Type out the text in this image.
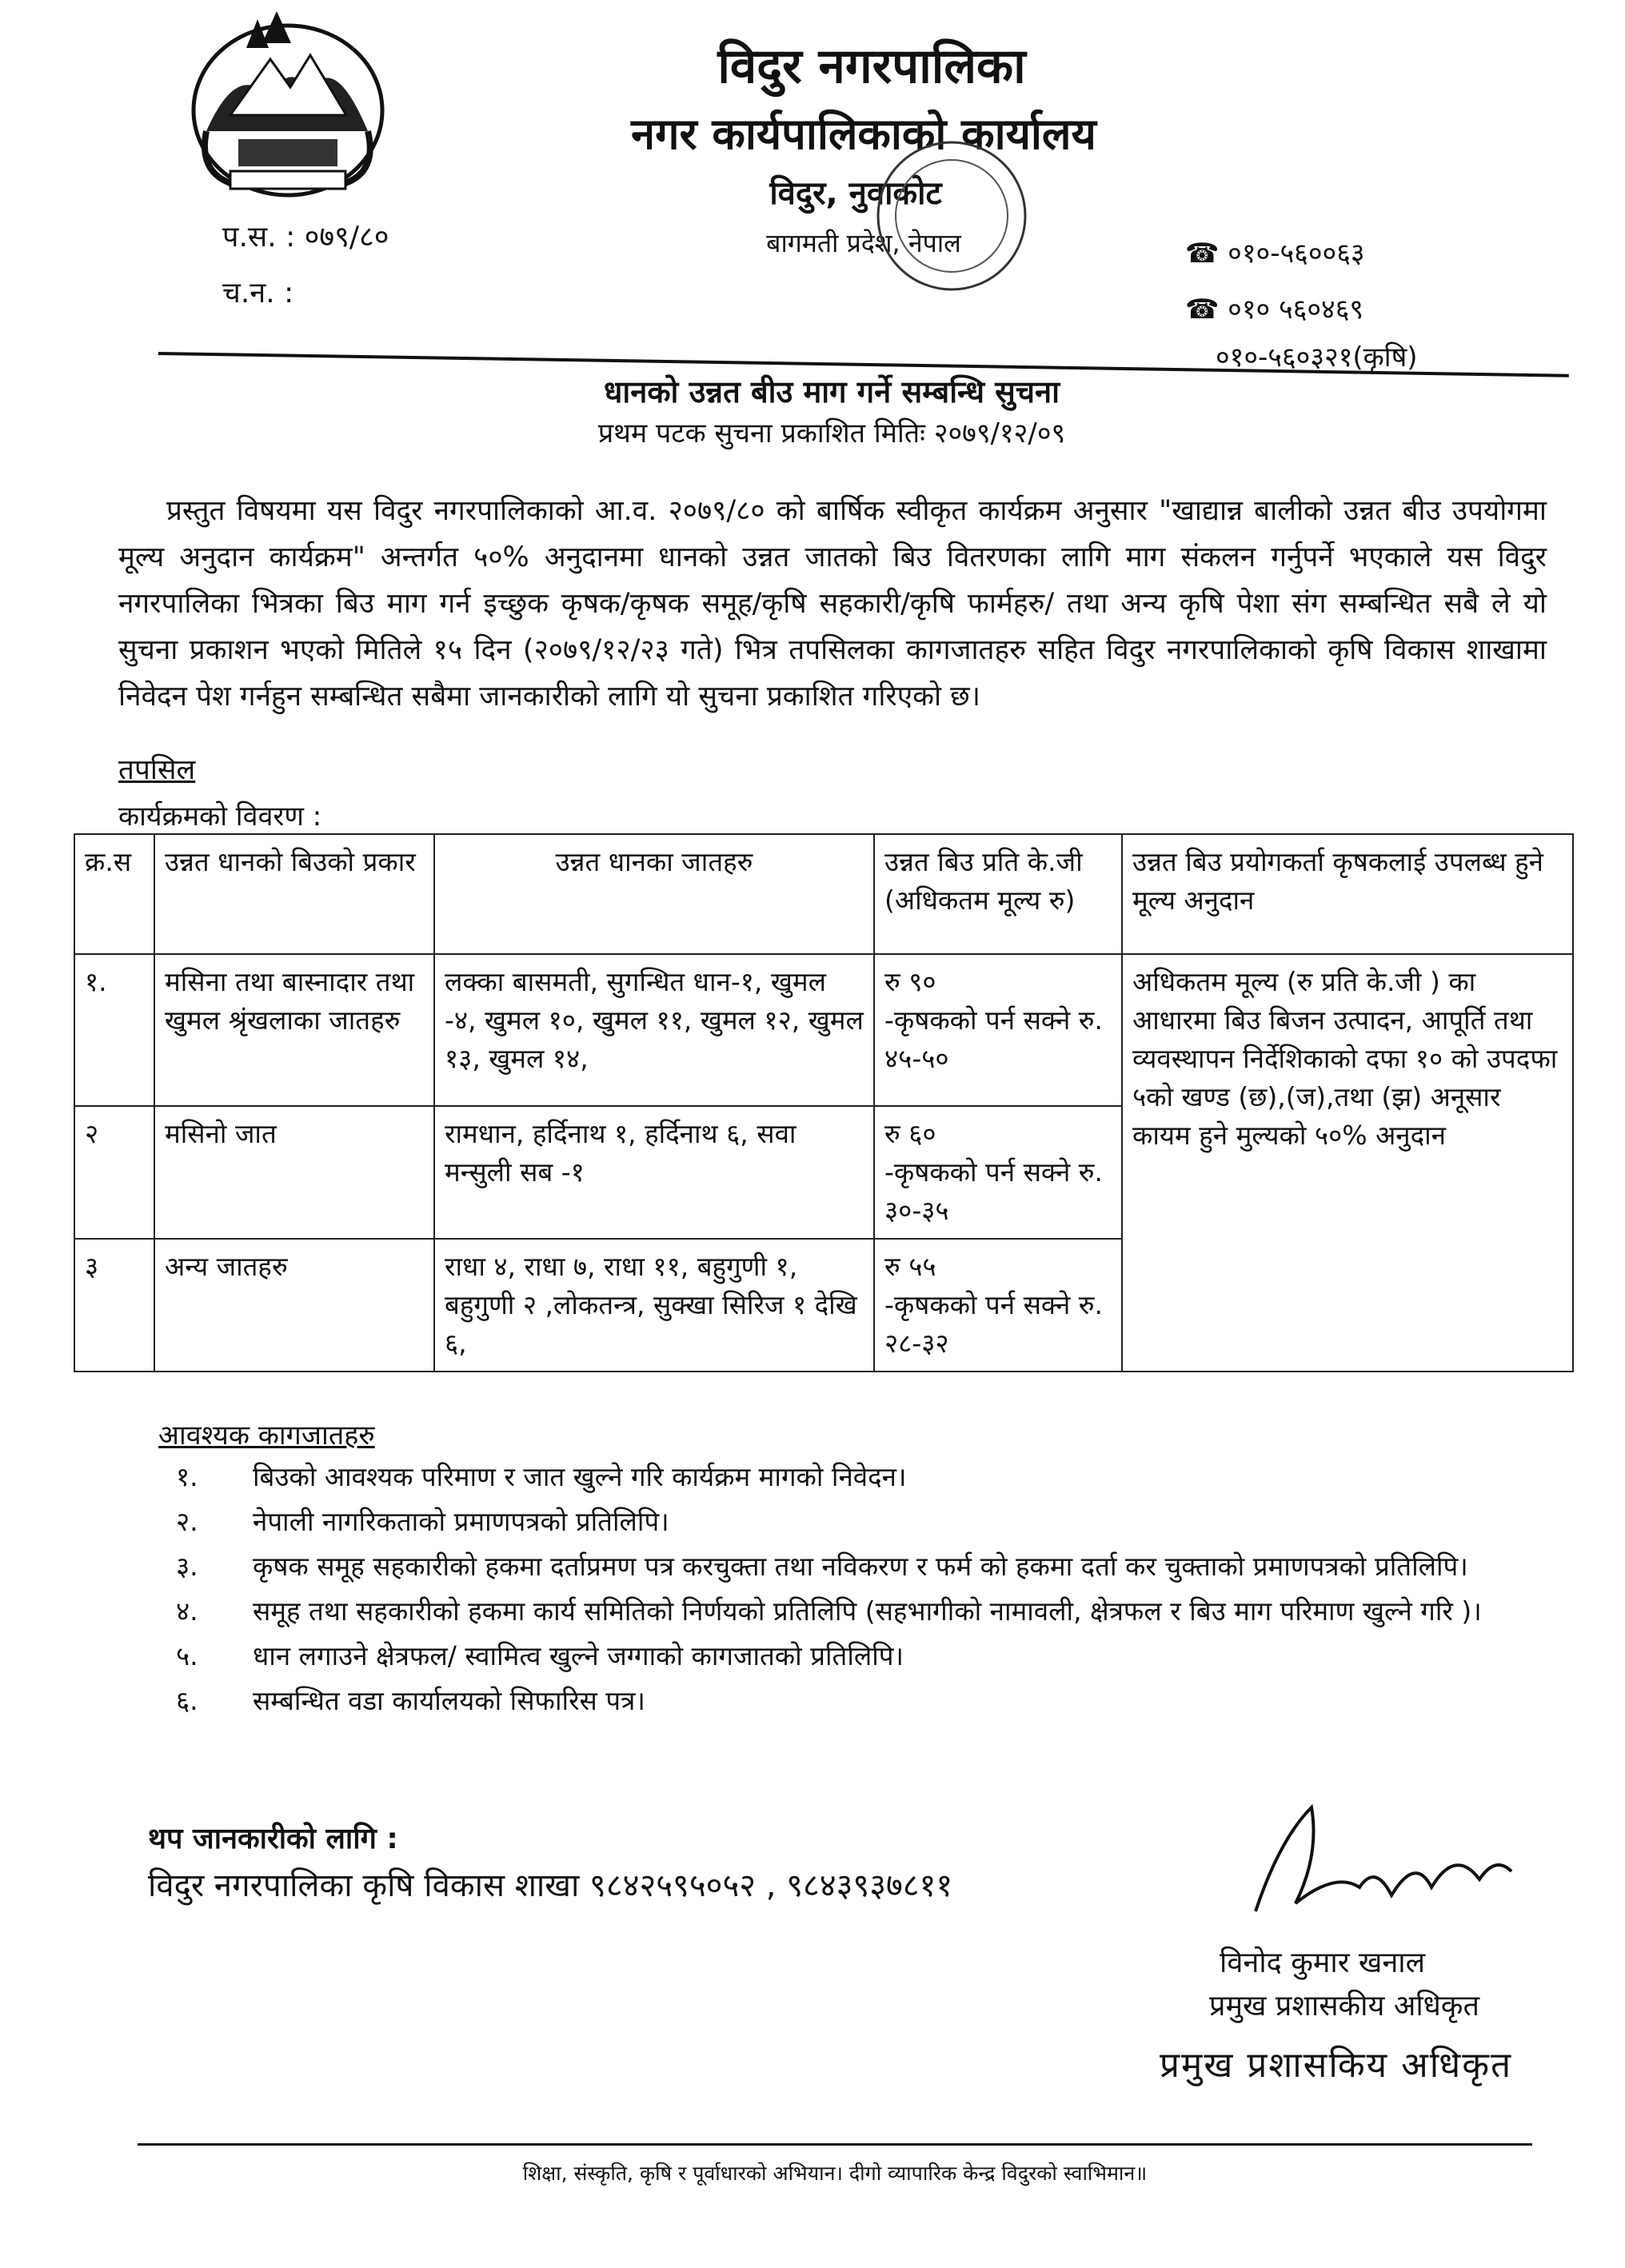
विदुर नगरपालिका
नगर कार्यपालिकाको कार्यालय
विदुर, नुवाकोट
बागमती प्रदेश, नेपाल
प.स. : ०७९/८०
च.न. :
☎ ०१०-५६००६३
☎ ०१० ५६०४६९
०१०-५६०३२१(कृषि)
धानको उन्नत बीउ माग गर्ने सम्बन्धि सुचना
प्रथम पटक सुचना प्रकाशित मितिः २०७९/१२/०९
प्रस्तुत विषयमा यस विदुर नगरपालिकाको आ.व. २०७९/८० को बार्षिक स्वीकृत कार्यक्रम अनुसार "खाद्यान्न बालीको उन्नत बीउ उपयोगमा मूल्य अनुदान कार्यक्रम" अन्तर्गत ५०% अनुदानमा धानको उन्नत जातको बिउ वितरणका लागि माग संकलन गर्नुपर्ने भएकाले यस विदुर नगरपालिका भित्रका बिउ माग गर्न इच्छुक कृषक/कृषक समूह/कृषि सहकारी/कृषि फार्महरु/ तथा अन्य कृषि पेशा संग सम्बन्धित सबै ले यो सुचना प्रकाशन भएको मितिले १५ दिन (२०७९/१२/२३ गते) भित्र तपसिलका कागजातहरु सहित विदुर नगरपालिकाको कृषि विकास शाखामा निवेदन पेश गर्नहुन सम्बन्धित सबैमा जानकारीको लागि यो सुचना प्रकाशित गरिएको छ।
तपसिल
कार्यक्रमको विवरण :
क्र.स	उन्नत धानको बिउको प्रकार	उन्नत धानका जातहरु	उन्नत बिउ प्रति के.जी (अधिकतम मूल्य रु)	उन्नत बिउ प्रयोगकर्ता कृषकलाई उपलब्ध हुने मूल्य अनुदान
१.	मसिना तथा बास्नादार तथा खुमल श्रृंखलाका जातहरु	लक्का बासमती, सुगन्धित धान-१, खुमल -४, खुमल १०, खुमल ११, खुमल १२, खुमल १३, खुमल १४,	रु ९०
-कृषकको पर्न सक्ने रु. ४५-५०	अधिकतम मूल्य (रु प्रति के.जी ) का आधारमा बिउ बिजन उत्पादन, आपूर्ति तथा व्यवस्थापन निर्देशिकाको दफा १० को उपदफा ५को खण्ड (छ),(ज),तथा (झ) अनूसार कायम हुने मुल्यको ५०% अनुदान
२	मसिनो जात	रामधान, हर्दिनाथ १, हर्दिनाथ ६, सवा मन्सुली सब -१	रु ६०
-कृषकको पर्न सक्ने रु. ३०-३५	

३	अन्य जातहरु	राधा ४, राधा ७, राधा ११, बहुगुणी १, बहुगुणी २ ,लोकतन्त्र, सुक्खा सिरिज १ देखि ६,	रु ५५
-कृषकको पर्न सक्ने रु. २८-३२	
आवश्यक कागजातहरु
१.	बिउको आवश्यक परिमाण र जात खुल्ने गरि कार्यक्रम मागको निवेदन।
२.	नेपाली नागरिकताको प्रमाणपत्रको प्रतिलिपि।
३.	कृषक समूह सहकारीको हकमा दर्ताप्रमण पत्र करचुक्ता तथा नविकरण र फर्म को हकमा दर्ता कर चुक्ताको प्रमाणपत्रको प्रतिलिपि।
४.	समूह तथा सहकारीको हकमा कार्य समितिको निर्णयको प्रतिलिपि (सहभागीको नामावली, क्षेत्रफल र बिउ माग परिमाण खुल्ने गरि )।
५.	धान लगाउने क्षेत्रफल/ स्वामित्व खुल्ने जग्गाको कागजातको प्रतिलिपि।
६.	सम्बन्धित वडा कार्यालयको सिफारिस पत्र।
थप जानकारीको लागि :
विदुर नगरपालिका कृषि विकास शाखा ९८४२५९५०५२ , ९८४३९३७८११
विनोद कुमार खनाल
प्रमुख प्रशासकीय अधिकृत
प्रमुख प्रशासकिय अधिकृत
शिक्षा, संस्कृति, कृषि र पूर्वाधारको अभियान। दीगो व्यापारिक केन्द्र विदुरको स्वाभिमान॥
